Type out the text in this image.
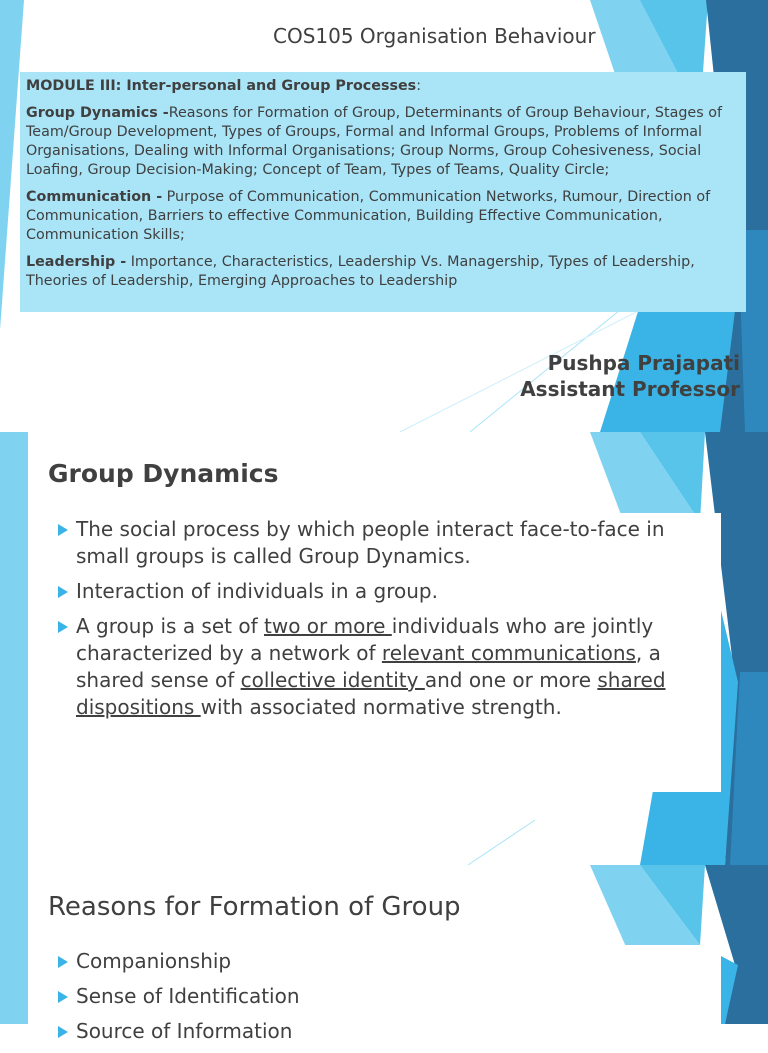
COS105 Organisation Behaviour

MODULE III: Inter-personal and Group Processes:

Group Dynamics -Reasons for Formation of Group, Determinants of Group Behaviour, Stages of Team/Group Development, Types of Groups, Formal and Informal Groups, Problems of Informal Organisations, Dealing with Informal Organisations; Group Norms, Group Cohesiveness, Social Loafing, Group Decision-Making; Concept of Team, Types of Teams, Quality Circle;

Communication - Purpose of Communication, Communication Networks, Rumour, Direction of Communication, Barriers to effective Communication, Building Effective Communication, Communication Skills;

Leadership - Importance, Characteristics, Leadership Vs. Managership, Types of Leadership, Theories of Leadership, Emerging Approaches to Leadership

Pushpa Prajapati
Assistant Professor
Group Dynamics
The social process by which people interact face-to-face in small groups is called Group Dynamics.
Interaction of individuals in a group.
A group is a set of two or more individuals who are jointly characterized by a network of relevant communications, a shared sense of collective identity and one or more shared dispositions with associated normative strength.
Reasons for Formation of Group
Companionship
Sense of Identification
Source of Information
